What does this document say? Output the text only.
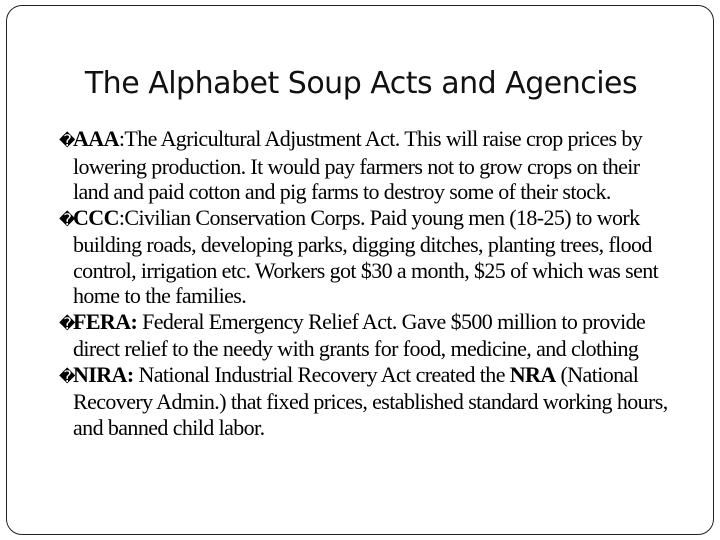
The Alphabet Soup Acts and Agencies
�AAA:The Agricultural Adjustment Act. This will raise crop prices by lowering production. It would pay farmers not to grow crops on their land and paid cotton and pig farms to destroy some of their stock.
�CCC:Civilian Conservation Corps. Paid young men (18-25) to work building roads, developing parks, digging ditches, planting trees, flood control, irrigation etc. Workers got $30 a month, $25 of which was sent home to the families.
�FERA: Federal Emergency Relief Act. Gave $500 million to provide direct relief to the needy with grants for food, medicine, and clothing
�NIRA: National Industrial Recovery Act created the NRA (National Recovery Admin.) that fixed prices, established standard working hours, and banned child labor.
